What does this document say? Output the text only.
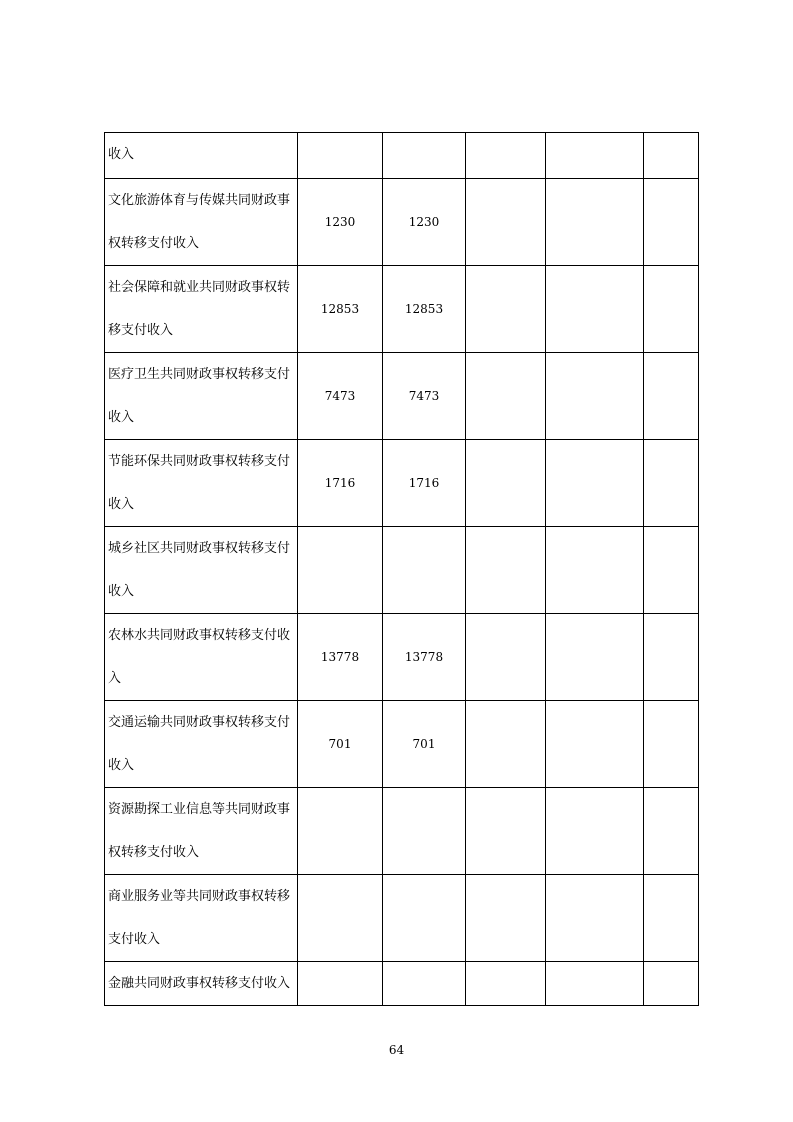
收入					
文化旅游体育与传媒共同财政事权转移支付收入	1230	1230			
社会保障和就业共同财政事权转移支付收入	12853	12853			
医疗卫生共同财政事权转移支付收入	7473	7473			
节能环保共同财政事权转移支付收入	1716	1716			
城乡社区共同财政事权转移支付收入					
农林水共同财政事权转移支付收入	13778	13778			
交通运输共同财政事权转移支付收入	701	701			
资源勘探工业信息等共同财政事权转移支付收入					
商业服务业等共同财政事权转移支付收入					
金融共同财政事权转移支付收入					
64
